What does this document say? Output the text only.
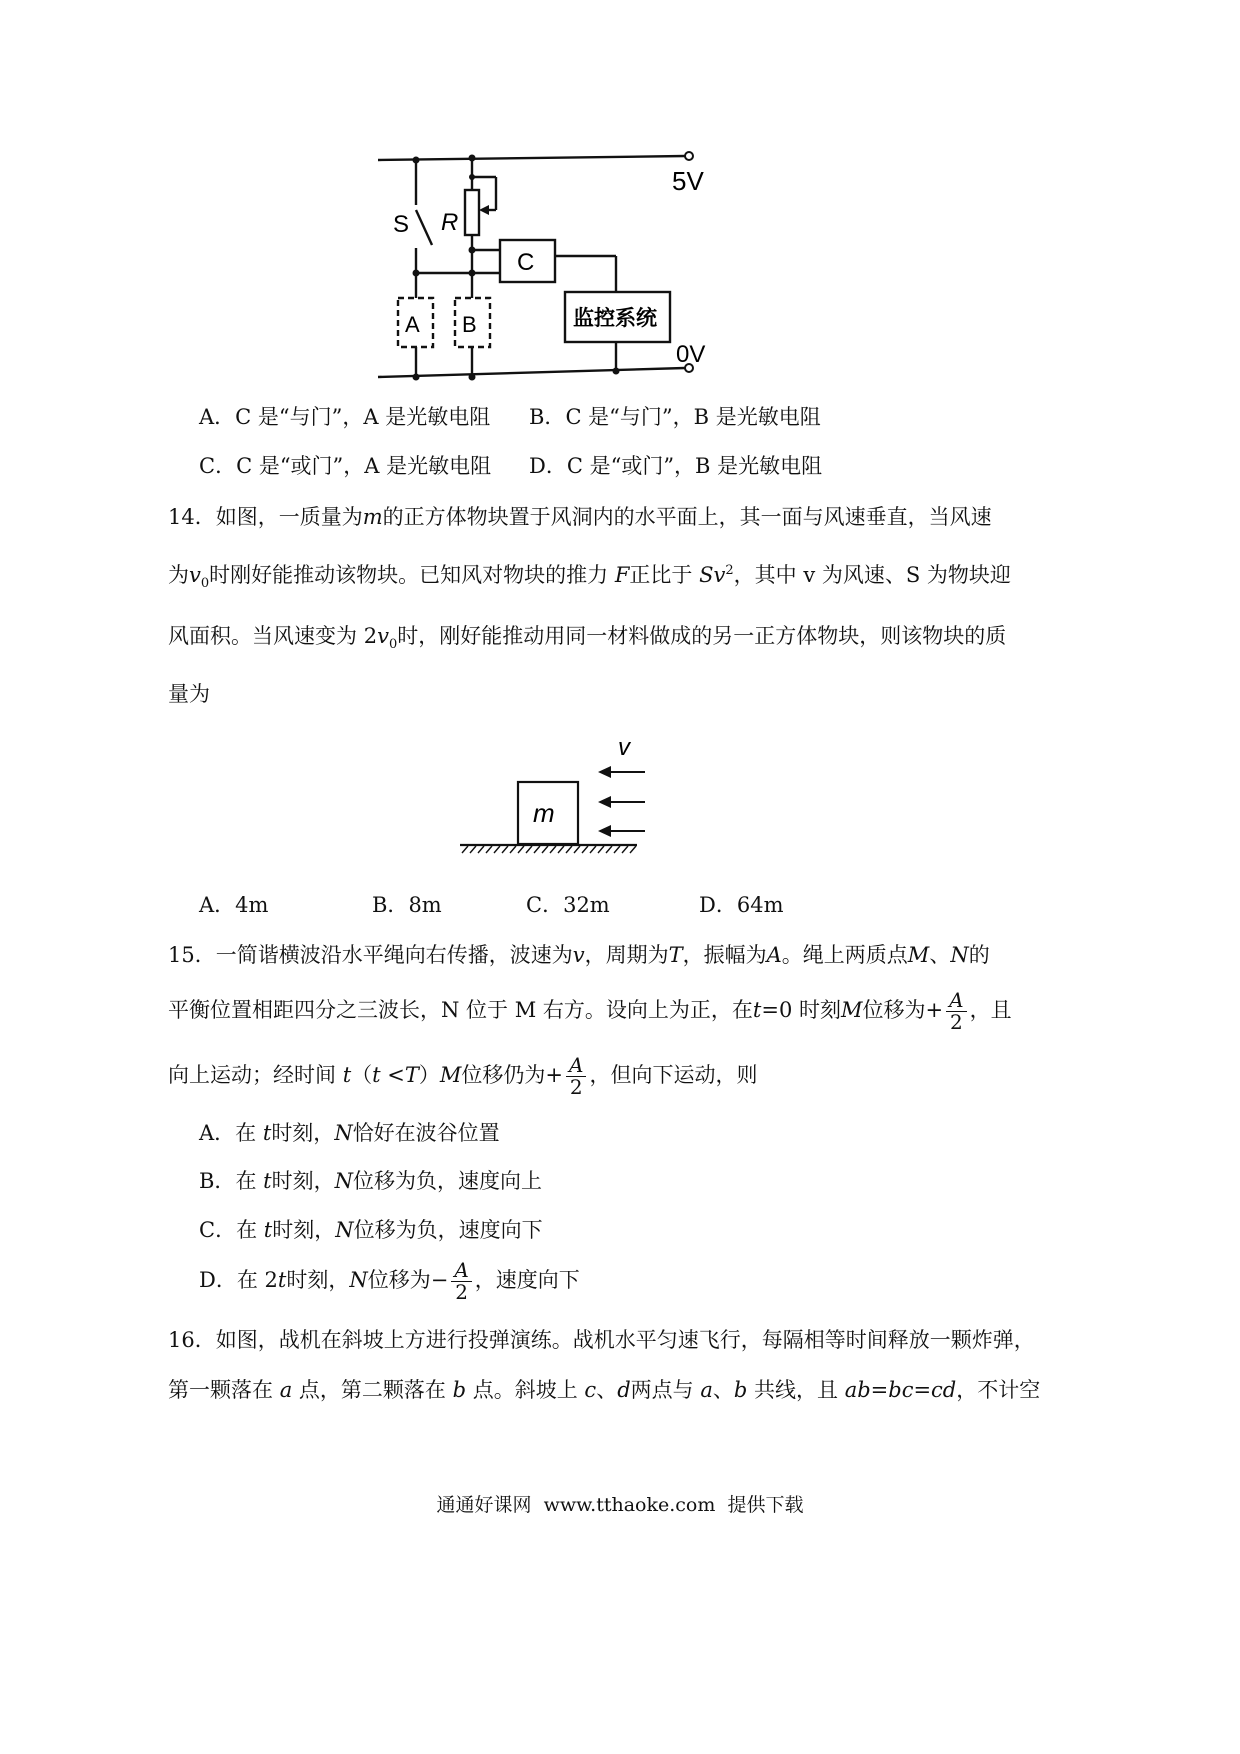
5V
0V
S R
A B
C
监控系统
A．C 是“与门”，A 是光敏电阻 B．C 是“与门”，B 是光敏电阻
C．C 是“或门”，A 是光敏电阻 D．C 是“或门”，B 是光敏电阻
14．如图，一质量为m的正方体物块置于风洞内的水平面上，其一面与风速垂直，当风速
为$v_0$时刚好能推动该物块。已知风对物块的推力 F正比于 Sv$^2$，其中 v 为风速、S 为物块迎
风面积。当风速变为 $2v_0$时，刚好能推动用同一材料做成的另一正方体物块，则该物块的质
量为
v
m
A．4m	B．8m	C．32m	D．64m
15．一简谐横波沿水平绳向右传播，波速为v，周期为T，振幅为A。绳上两质点M、N的
平衡位置相距四分之三波长，N 位于 M 右方。设向上为正，在t=0 时刻M位移为+ $\frac{A}{2}$ ，且
向上运动；经时间 t（t <T）M位移仍为+ $\frac{A}{2}$ ，但向下运动，则
A．在 t时刻，N恰好在波谷位置
B．在 t时刻，N位移为负，速度向上
C．在 t时刻，N位移为负，速度向下
D．在 2t时刻，N位移为− $\frac{A}{2}$ ，速度向下
16．如图，战机在斜坡上方进行投弹演练。战机水平匀速飞行，每隔相等时间释放一颗炸弹，
第一颗落在 a 点，第二颗落在 b 点。斜坡上 c、d两点与 a、b 共线，且 ab=bc=cd，不计空
通通好课网  www.tthaoke.com  提供下载
